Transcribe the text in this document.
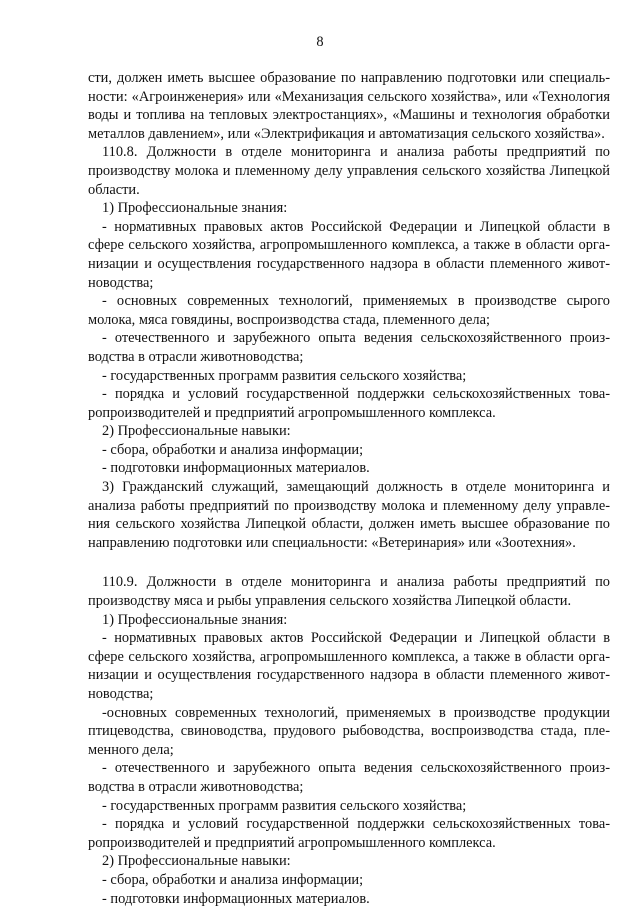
8
сти, должен иметь высшее образование по направлению подготовки или специаль-
ности: «Агроинженерия» или «Механизация сельского хозяйства», или «Технология
воды и топлива на тепловых электростанциях», «Машины и технология обработки
металлов давлением», или «Электрификация и автоматизация сельского хозяйства».
110.8. Должности в отделе мониторинга и анализа работы предприятий по
производству молока и племенному делу управления сельского хозяйства Липецкой
области.
1) Профессиональные знания:
- нормативных правовых актов Российской Федерации и Липецкой области в
сфере сельского хозяйства, агропромышленного комплекса, а также в области орга-
низации и осуществления государственного надзора в области племенного живот-
новодства;
- основных современных технологий, применяемых в производстве сырого
молока, мяса говядины, воспроизводства стада, племенного дела;
- отечественного и зарубежного опыта ведения сельскохозяйственного произ-
водства в отрасли животноводства;
- государственных программ развития сельского хозяйства;
- порядка и условий государственной поддержки сельскохозяйственных това-
ропроизводителей и предприятий агропромышленного комплекса.
2) Профессиональные навыки:
- сбора, обработки и анализа информации;
- подготовки информационных материалов.
3) Гражданский служащий, замещающий должность в отделе мониторинга и
анализа работы предприятий по производству молока и племенному делу управле-
ния сельского хозяйства Липецкой области, должен иметь высшее образование по
направлению подготовки или специальности: «Ветеринария» или «Зоотехния».
110.9. Должности в отделе мониторинга и анализа работы предприятий по
производству мяса и рыбы управления сельского хозяйства Липецкой области.
1) Профессиональные знания:
- нормативных правовых актов Российской Федерации и Липецкой области в
сфере сельского хозяйства, агропромышленного комплекса, а также в области орга-
низации и осуществления государственного надзора в области племенного живот-
новодства;
-основных современных технологий, применяемых в производстве продукции
птицеводства, свиноводства, прудового рыбоводства, воспроизводства стада, пле-
менного дела;
- отечественного и зарубежного опыта ведения сельскохозяйственного произ-
водства в отрасли животноводства;
- государственных программ развития сельского хозяйства;
- порядка и условий государственной поддержки сельскохозяйственных това-
ропроизводителей и предприятий агропромышленного комплекса.
2) Профессиональные навыки:
- сбора, обработки и анализа информации;
- подготовки информационных материалов.
